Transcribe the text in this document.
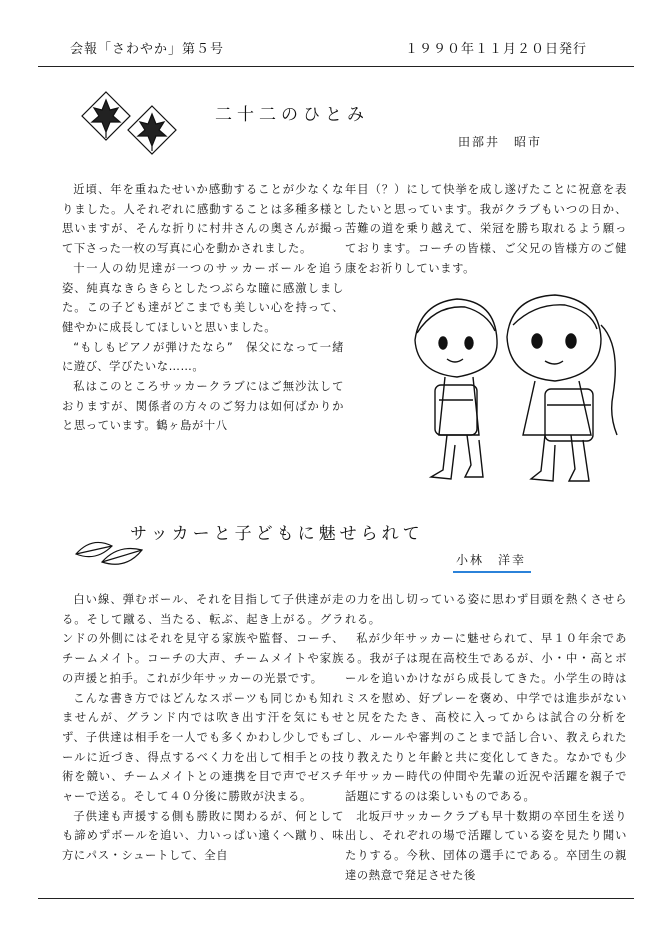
会報「さわやか」第５号	１９９０年１１月２０日発行
二十二のひとみ
田部井　昭市

近頃、年を重ねたせいか感動することが少なくなりました。人それぞれに感動することは多種多様と思いますが、そんな折りに村井さんの奥さんが撮って下さった一枚の写真に心を動かされました。

十一人の幼児達が一つのサッカーボールを追う姿、純真なきらきらとしたつぶらな瞳に感激しました。この子ども達がどこまでも美しい心を持って、健やかに成長してほしいと思いました。

“もしもピアノが弾けたなら”　保父になって一緒に遊び、学びたいな……。

私はこのところサッカークラブにはご無沙汰しておりますが、関係者の方々のご努力は如何ばかりかと思っています。鶴ヶ島が十八

年目（？）にして快挙を成し遂げたことに祝意を表したいと思っています。我がクラブもいつの日か、苦難の道を乗り越えて、栄冠を勝ち取れるよう願っております。コーチの皆様、ご父兄の皆様方のご健康をお祈りしています。

サッカーと子どもに魅せられて
小林　洋幸

白い線、弾むボール、それを目指して子供達が走る。そして蹴る、当たる、転ぶ、起き上がる。グランドの外側にはそれを見守る家族や監督、コーチ、チームメイト。コーチの大声、チームメイトや家族の声援と拍手。これが少年サッカーの光景です。

こんな書き方ではどんなスポーツも同じかも知れませんが、グランド内では吹き出す汗を気にもせず、子供達は相手を一人でも多くかわし少しでもゴールに近づき、得点するべく力を出して相手との技術を競い、チームメイトとの連携を目で声でゼスチャーで送る。そして４０分後に勝敗が決まる。

子供達も声援する側も勝敗に関わるが、何としても諦めずボールを追い、力いっぱい遠くへ蹴り、味方にパス・シュートして、全自

の力を出し切っている姿に思わず目頭を熱くさせられる。

私が少年サッカーに魅せられて、早１０年余である。我が子は現在高校生であるが、小・中・高とボールを追いかけながら成長してきた。小学生の時はミスを慰め、好プレーを褒め、中学では進歩がないと尻をたたき、高校に入ってからは試合の分析をし、ルールや審判のことまで話し合い、教えられたり教えたりと年齢と共に変化してきた。なかでも少年サッカー時代の仲間や先輩の近況や活躍を親子で話題にするのは楽しいものである。

北坂戸サッカークラブも早十数期の卒団生を送り出し、それぞれの場で活躍している姿を見たり聞いたりする。今秋、団体の選手にである。卒団生の親達の熱意で発足させた後
